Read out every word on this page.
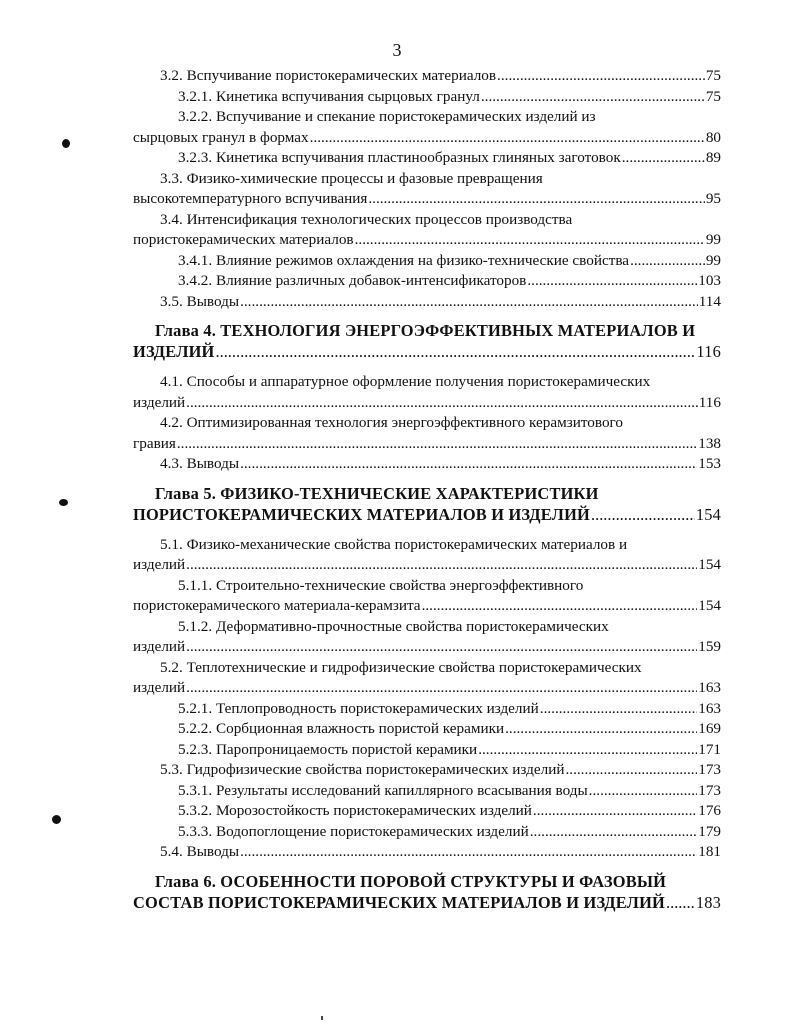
3
3.2. Вспучивание пористокерамических материалов .....	75
3.2.1. Кинетика вспучивания сырцовых гранул .....	75
3.2.2. Вспучивание и спекание пористокерамических изделий из
сырцовых гранул в формах .....	80
3.2.3. Кинетика вспучивания пластинообразных глиняных заготовок .....	89
3.3. Физико-химические процессы и фазовые превращения
высокотемпературного вспучивания .....	95
3.4. Интенсификация технологических процессов производства
пористокерамических материалов .....	99
3.4.1. Влияние режимов охлаждения на физико-технические свойства .....	99
3.4.2. Влияние различных добавок-интенсификаторов .....	103
3.5. Выводы .....	114
Глава 4. ТЕХНОЛОГИЯ ЭНЕРГОЭФФЕКТИВНЫХ МАТЕРИАЛОВ И
ИЗДЕЛИЙ .....	116
4.1. Способы и аппаратурное оформление получения пористокерамических
изделий .....	116
4.2. Оптимизированная технология энергоэффективного керамзитового
гравия .....	138
4.3. Выводы .....	153
Глава 5. ФИЗИКО-ТЕХНИЧЕСКИЕ ХАРАКТЕРИСТИКИ
ПОРИСТОКЕРАМИЧЕСКИХ МАТЕРИАЛОВ И ИЗДЕЛИЙ .....	154
5.1. Физико-механические свойства пористокерамических материалов и
изделий .....	154
5.1.1. Строительно-технические свойства энергоэффективного
пористокерамического материала-керамзита .....	154
5.1.2. Деформативно-прочностные свойства пористокерамических
изделий .....	159
5.2. Теплотехнические и гидрофизические свойства пористокерамических
изделий .....	163
5.2.1. Теплопроводность пористокерамических изделий .....	163
5.2.2. Сорбционная влажность пористой керамики .....	169
5.2.3. Паропроницаемость пористой керамики .....	171
5.3. Гидрофизические свойства пористокерамических изделий .....	173
5.3.1. Результаты исследований капиллярного всасывания воды .....	173
5.3.2. Морозостойкость пористокерамических изделий .....	176
5.3.3. Водопоглощение пористокерамических изделий .....	179
5.4. Выводы .....	181
Глава 6. ОСОБЕННОСТИ ПОРОВОЙ СТРУКТУРЫ И ФАЗОВЫЙ
СОСТАВ ПОРИСТОКЕРАМИЧЕСКИХ МАТЕРИАЛОВ И ИЗДЕЛИЙ ..... 183
